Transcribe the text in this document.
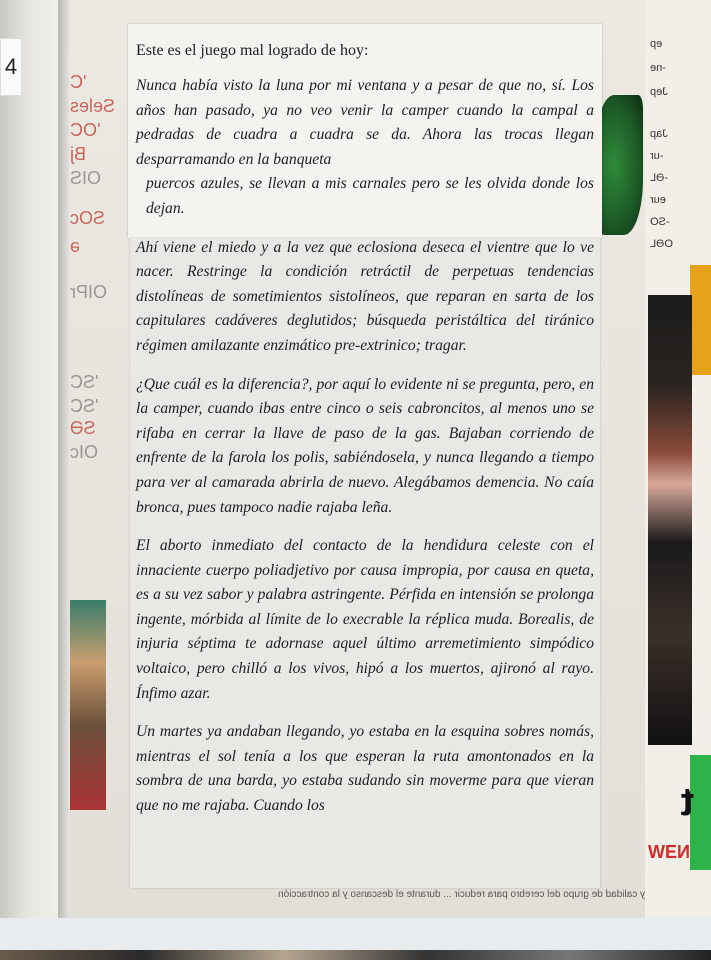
4
'C
Seles
'OC
Bj
OIS
SOc
ə
OIPr
'SC
'SC
SƏ
OIc
t
NƎW
ep
-ne
Jep
Jap
-ur
-ƏL
eur
-SO
OƏL
y calidad de grupo del cerebro para reducir ... durante el descanso y la contracción

Este es el juego mal logrado de hoy:

Nunca había visto la luna por mi ventana y a pesar de que no, sí. Los años han pasado, ya no veo venir la camper cuando la campal a pedradas de cuadra a cuadra se da. Ahora las trocas llegan desparramando en la banqueta

puercos azules, se llevan a mis carnales pero se les olvida donde los dejan.

Ahí viene el miedo y a la vez que eclosiona deseca el vientre que lo ve nacer. Restringe la condición retráctil de perpetuas tendencias distolíneas de sometimientos sistolíneos, que reparan en sarta de los capitulares cadáveres deglutidos; búsqueda peristáltica del tiránico régimen amilazante enzimático pre-extrinico; tragar.

¿Que cuál es la diferencia?, por aquí lo evidente ni se pregunta, pero, en la camper, cuando ibas entre cinco o seis cabroncitos, al menos uno se rifaba en cerrar la llave de paso de la gas. Bajaban corriendo de enfrente de la farola los polis, sabiéndosela, y nunca llegando a tiempo para ver al camarada abrirla de nuevo. Alegábamos demencia. No caía bronca, pues tampoco nadie rajaba leña.

El aborto inmediato del contacto de la hendidura celeste con el innaciente cuerpo poliadjetivo por causa impropia, por causa en queta, es a su vez sabor y palabra astringente. Pérfida en intensión se prolonga ingente, mórbida al límite de lo execrable la réplica muda. Borealis, de injuria séptima te adornase aquel último arremetimiento simpódico voltaico, pero chilló a los vivos, hipó a los muertos, ajironó al rayo. Ínfimo azar.

Un martes ya andaban llegando, yo estaba en la esquina sobres nomás, mientras el sol tenía a los que esperan la ruta amontonados en la sombra de una barda, yo estaba sudando sin moverme para que vieran que no me rajaba. Cuando los
